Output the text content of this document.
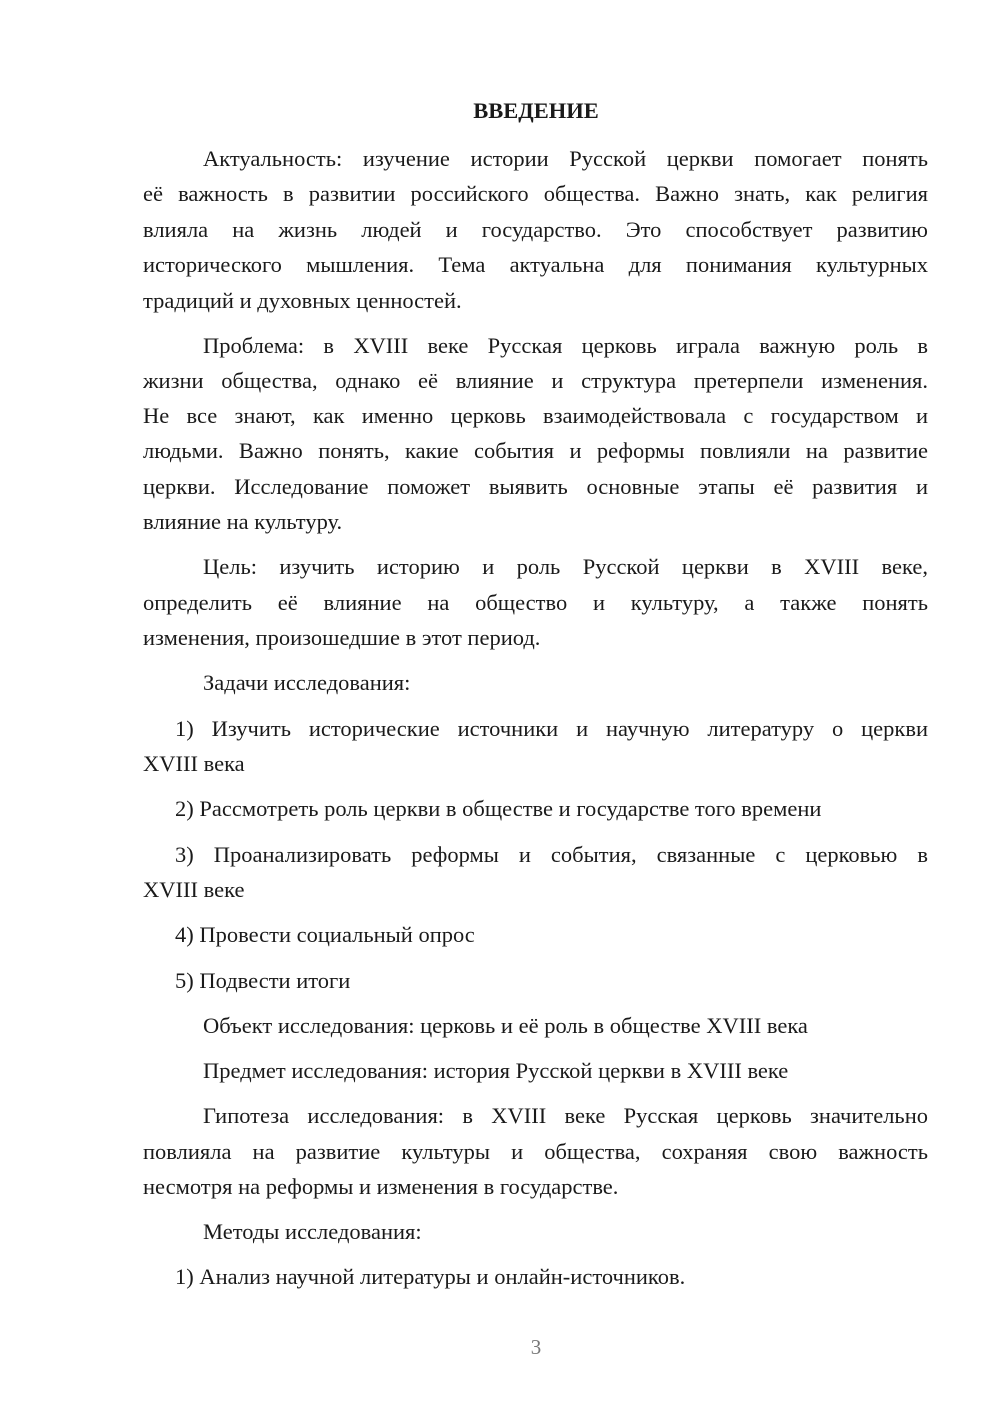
ВВЕДЕНИЕ
Актуальность: изучение истории Русской церкви помогает понять
её важность в развитии российского общества. Важно знать, как религия
влияла на жизнь людей и государство. Это способствует развитию
исторического мышления. Тема актуальна для понимания культурных
традиций и духовных ценностей.
Проблема: в XVIII веке Русская церковь играла важную роль в
жизни общества, однако её влияние и структура претерпели изменения.
Не все знают, как именно церковь взаимодействовала с государством и
людьми. Важно понять, какие события и реформы повлияли на развитие
церкви. Исследование поможет выявить основные этапы её развития и
влияние на культуру.
Цель: изучить историю и роль Русской церкви в XVIII веке,
определить её влияние на общество и культуру, а также понять
изменения, произошедшие в этот период.
Задачи исследования:
1) Изучить исторические источники и научную литературу о церкви
XVIII века
2) Рассмотреть роль церкви в обществе и государстве того времени
3) Проанализировать реформы и события, связанные с церковью в
XVIII веке
4) Провести социальный опрос
5) Подвести итоги
Объект исследования: церковь и её роль в обществе XVIII века
Предмет исследования: история Русской церкви в XVIII веке
Гипотеза исследования: в XVIII веке Русская церковь значительно
повлияла на развитие культуры и общества, сохраняя свою важность
несмотря на реформы и изменения в государстве.
Методы исследования:
1) Анализ научной литературы и онлайн-источников.
3
